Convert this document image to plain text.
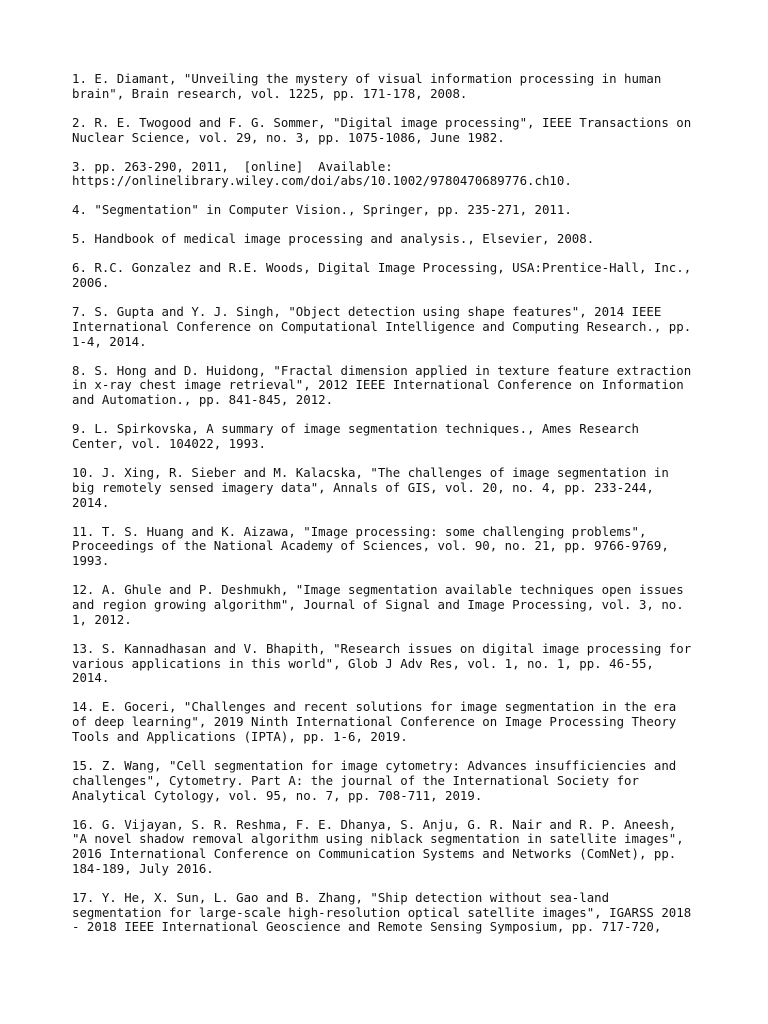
1. E. Diamant, "Unveiling the mystery of visual information processing in human
brain", Brain research, vol. 1225, pp. 171-178, 2008.
2. R. E. Twogood and F. G. Sommer, "Digital image processing", IEEE Transactions on
Nuclear Science, vol. 29, no. 3, pp. 1075-1086, June 1982.
3. pp. 263-290, 2011,  [online]  Available:
https://onlinelibrary.wiley.com/doi/abs/10.1002/9780470689776.ch10.
4. "Segmentation" in Computer Vision., Springer, pp. 235-271, 2011.
5. Handbook of medical image processing and analysis., Elsevier, 2008.
6. R.C. Gonzalez and R.E. Woods, Digital Image Processing, USA:Prentice-Hall, Inc.,
2006.
7. S. Gupta and Y. J. Singh, "Object detection using shape features", 2014 IEEE
International Conference on Computational Intelligence and Computing Research., pp.
1-4, 2014.
8. S. Hong and D. Huidong, "Fractal dimension applied in texture feature extraction
in x-ray chest image retrieval", 2012 IEEE International Conference on Information
and Automation., pp. 841-845, 2012.
9. L. Spirkovska, A summary of image segmentation techniques., Ames Research
Center, vol. 104022, 1993.
10. J. Xing, R. Sieber and M. Kalacska, "The challenges of image segmentation in
big remotely sensed imagery data", Annals of GIS, vol. 20, no. 4, pp. 233-244,
2014.
11. T. S. Huang and K. Aizawa, "Image processing: some challenging problems",
Proceedings of the National Academy of Sciences, vol. 90, no. 21, pp. 9766-9769,
1993.
12. A. Ghule and P. Deshmukh, "Image segmentation available techniques open issues
and region growing algorithm", Journal of Signal and Image Processing, vol. 3, no.
1, 2012.
13. S. Kannadhasan and V. Bhapith, "Research issues on digital image processing for
various applications in this world", Glob J Adv Res, vol. 1, no. 1, pp. 46-55,
2014.
14. E. Goceri, "Challenges and recent solutions for image segmentation in the era
of deep learning", 2019 Ninth International Conference on Image Processing Theory
Tools and Applications (IPTA), pp. 1-6, 2019.
15. Z. Wang, "Cell segmentation for image cytometry: Advances insufficiencies and
challenges", Cytometry. Part A: the journal of the International Society for
Analytical Cytology, vol. 95, no. 7, pp. 708-711, 2019.
16. G. Vijayan, S. R. Reshma, F. E. Dhanya, S. Anju, G. R. Nair and R. P. Aneesh,
"A novel shadow removal algorithm using niblack segmentation in satellite images",
2016 International Conference on Communication Systems and Networks (ComNet), pp.
184-189, July 2016.
17. Y. He, X. Sun, L. Gao and B. Zhang, "Ship detection without sea-land
segmentation for large-scale high-resolution optical satellite images", IGARSS 2018
- 2018 IEEE International Geoscience and Remote Sensing Symposium, pp. 717-720,
